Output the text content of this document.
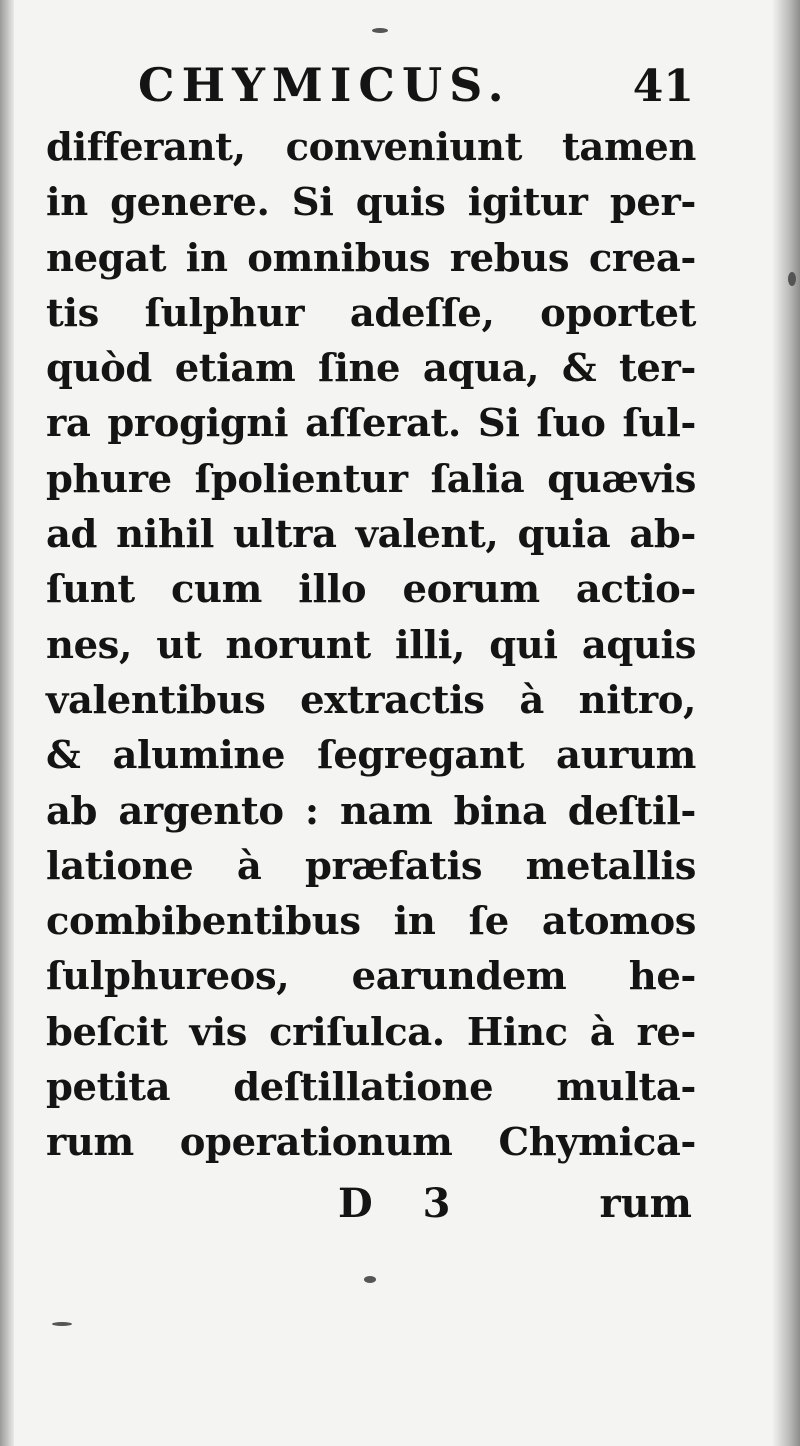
CHYMICUS.	41
differant, conveniunt tamen
in genere. Si quis igitur per-
negat in omnibus rebus crea-
tis ſulphur adeſſe, oportet
quòd etiam ſine aqua, & ter-
ra progigni aſſerat. Si ſuo ſul-
phure ſpolientur ſalia quævis
ad nihil ultra valent, quia ab-
ſunt cum illo eorum actio-
nes, ut norunt illi, qui aquis
valentibus extractis à nitro,
& alumine ſegregant aurum
ab argento : nam bina deſtil-
latione à præfatis metallis
combibentibus in ſe atomos
ſulphureos, earundem he-
beſcit vis criſulca. Hinc à re-
petita deſtillatione multa-
rum operationum Chymica-
D 3	rum
